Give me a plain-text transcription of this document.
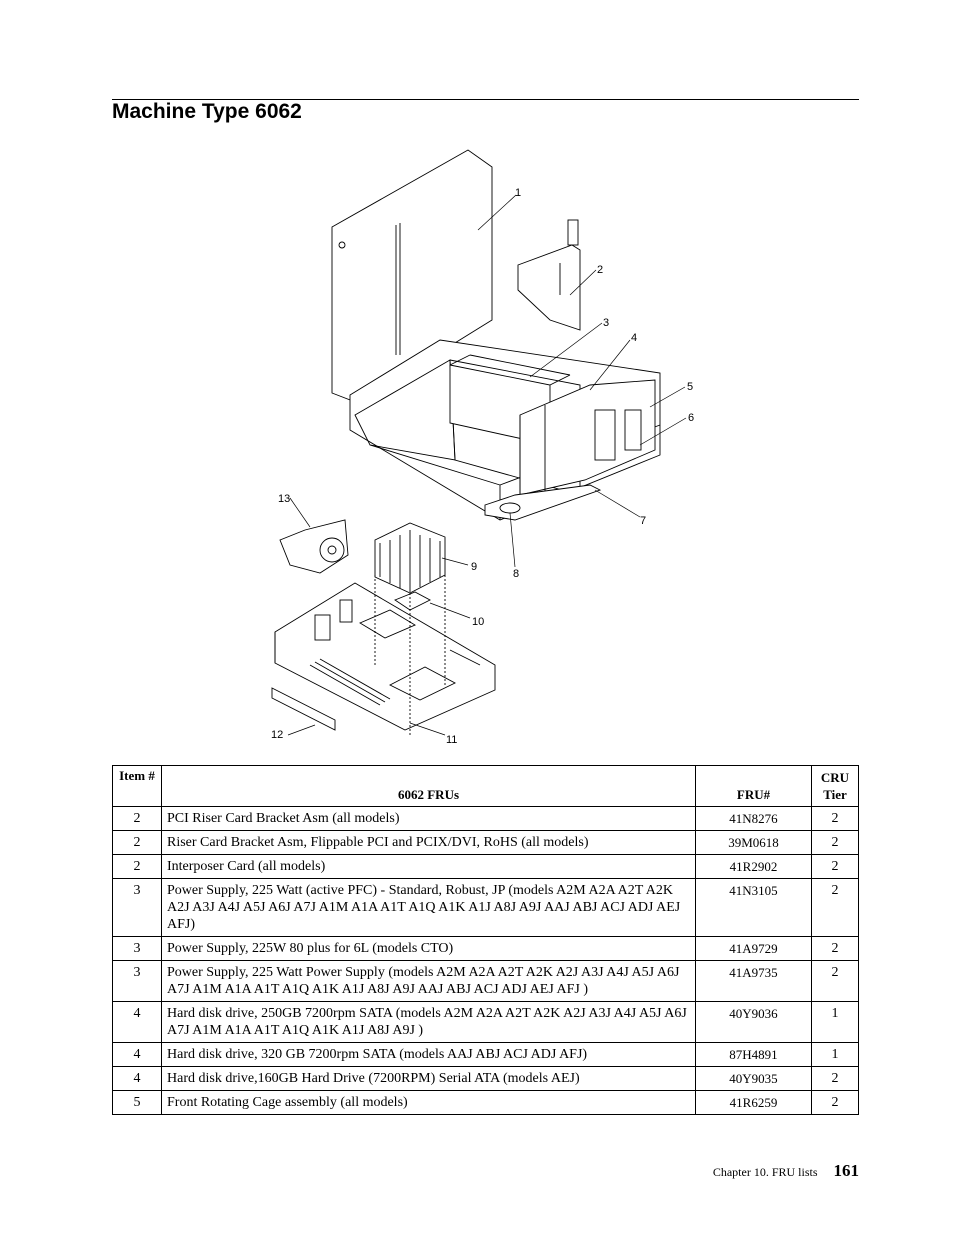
Machine Type 6062
1
2
3
4
5
6
7
8
9
10
11
12
13
Item #	6062 FRUs	FRU#	CRU Tier
2	PCI Riser Card Bracket Asm (all models)	41N8276	2
2	Riser Card Bracket Asm, Flippable PCI and PCIX/DVI, RoHS (all models)	39M0618	2
2	Interposer Card (all models)	41R2902	2
3	Power Supply, 225 Watt (active PFC) - Standard, Robust, JP (models A2M A2A A2T A2K A2J A3J A4J A5J A6J A7J A1M A1A A1T A1Q A1K A1J A8J A9J AAJ ABJ ACJ ADJ AEJ AFJ)	41N3105	2
3	Power Supply, 225W 80 plus for 6L (models CTO)	41A9729	2
3	Power Supply, 225 Watt Power Supply (models A2M A2A A2T A2K A2J A3J A4J A5J A6J A7J A1M A1A A1T A1Q A1K A1J A8J A9J AAJ ABJ ACJ ADJ AEJ AFJ )	41A9735	2
4	Hard disk drive, 250GB 7200rpm SATA (models A2M A2A A2T A2K A2J A3J A4J A5J A6J A7J A1M A1A A1T A1Q A1K A1J A8J A9J )	40Y9036	1
4	Hard disk drive, 320 GB 7200rpm SATA (models AAJ ABJ ACJ ADJ AFJ)	87H4891	1
4	Hard disk drive,160GB Hard Drive (7200RPM) Serial ATA (models AEJ)	40Y9035	2
5	Front Rotating Cage assembly (all models)	41R6259	2
Chapter 10. FRU lists 161
